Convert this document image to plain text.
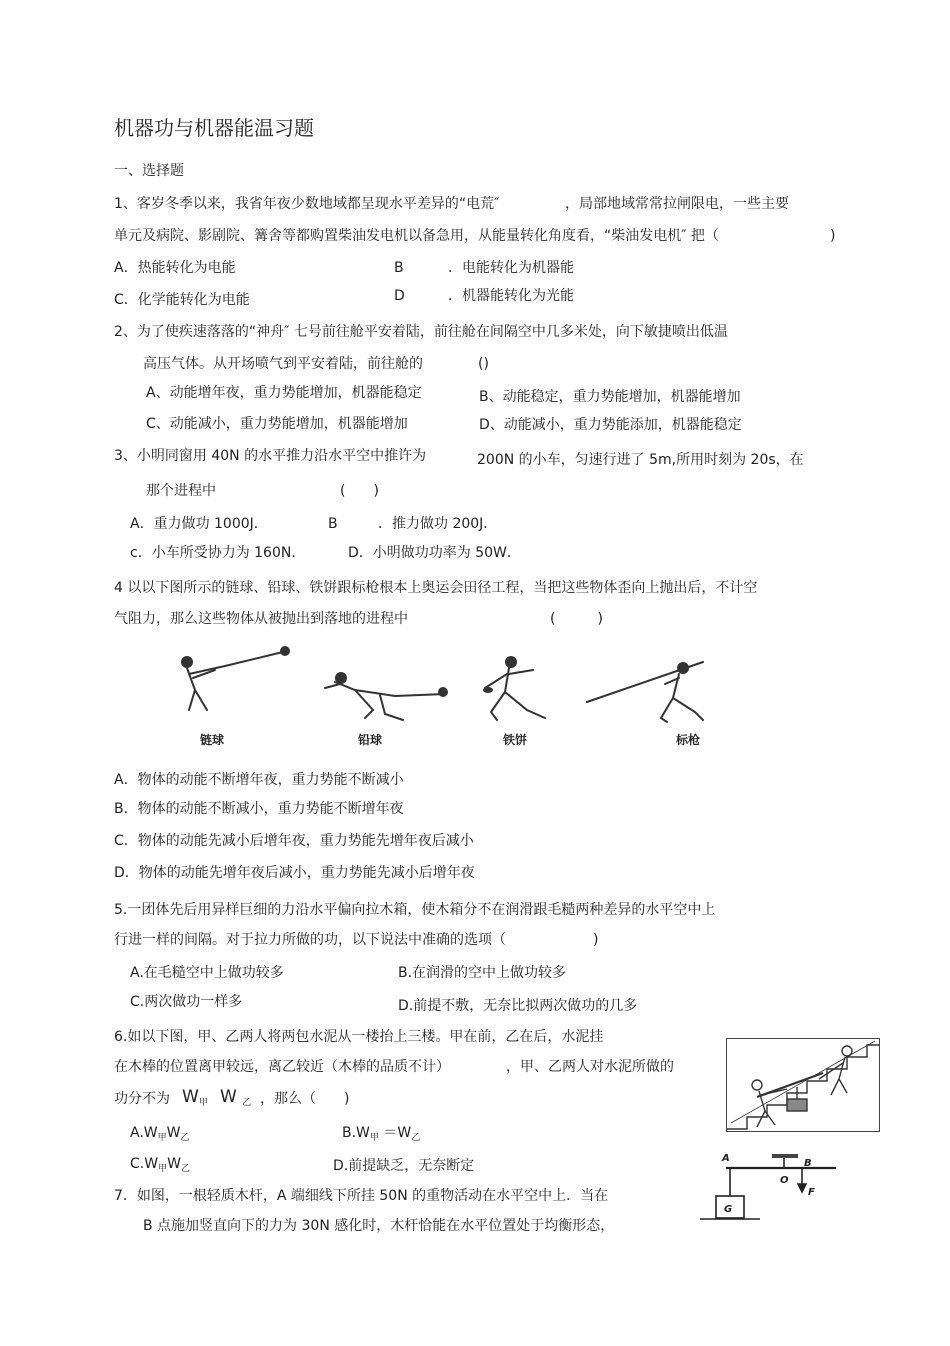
机器功与机器能温习题
一、选择题
1、客岁冬季以来，我省年夜少数地域都呈现水平差异的“电荒″	，局部地域常常拉闸限电，一些主要
单元及病院、影剧院、篝舍等都购置柴油发电机以备急用，从能量转化角度看，“柴油发电机″ 把（	)
A．热能转化为电能	B	．电能转化为机器能
C．化学能转化为电能	D	．机器能转化为光能
2、为了使疾速落落的“神舟″ 七号前往舱平安着陆，前往舱在间隔空中几多米处，向下敏捷喷出低温
高压气体。从开场喷气到平安着陆，前往舱的	()
A、动能增年夜，重力势能增加，机器能稳定	B、动能稳定，重力势能增加，机器能增加
C、动能减小，重力势能增加，机器能增加	D、动能减小，重力势能添加，机器能稳定
3、小明同窗用 40N 的水平推力沿水平空中推许为	200N 的小车，匀速行进了 5m,所用时刻为 20s，在
那个进程中	(　　)
A．重力做功 1000J．	B	．推力做功 200J．
c．小车所受协力为 160N．	D．小明做功功率为 50W．
4 以以下图所示的链球、铅球、铁饼跟标枪根本上奥运会田径工程，当把这些物体歪向上抛出后，不计空
气阻力，那么这些物体从被抛出到落地的进程中	(　　　)
链球	铅球	铁饼	标枪
A．物体的动能不断增年夜，重力势能不断减小
B．物体的动能不断减小，重力势能不断增年夜
C．物体的动能先减小后增年夜，重力势能先增年夜后减小
D．物体的动能先增年夜后减小，重力势能先减小后增年夜
5.一团体先后用异样巨细的力沿水平偏向拉木箱，使木箱分不在润滑跟毛糙两种差异的水平空中上
行进一样的间隔。对于拉力所做的功，以下说法中准确的选项（	)
A.在毛糙空中上做功较多	B.在润滑的空中上做功较多
C.两次做功一样多	D.前提不敷，无奈比拟两次做功的几多
6.如以下图，甲、乙两人将两包水泥从一楼抬上三楼。甲在前，乙在后，水泥挂
在木棒的位置离甲较远，离乙较近（木棒的品质不计）	，甲、乙两人对水泥所做的
功分不为 $W_甲$ W $_乙$ ，那么（ )
$A.W_甲W_乙$	$B.W_甲 =W_乙$
$C.W_甲W_乙$	D.前提缺乏，无奈断定
7．如图，一根轻质木杆，A 端细线下所挂 50N 的重物活动在水平空中上．当在
B 点施加竖直向下的力为 30N 感化时，木杆恰能在水平位置处于均衡形态，
A
O
B
F
G
